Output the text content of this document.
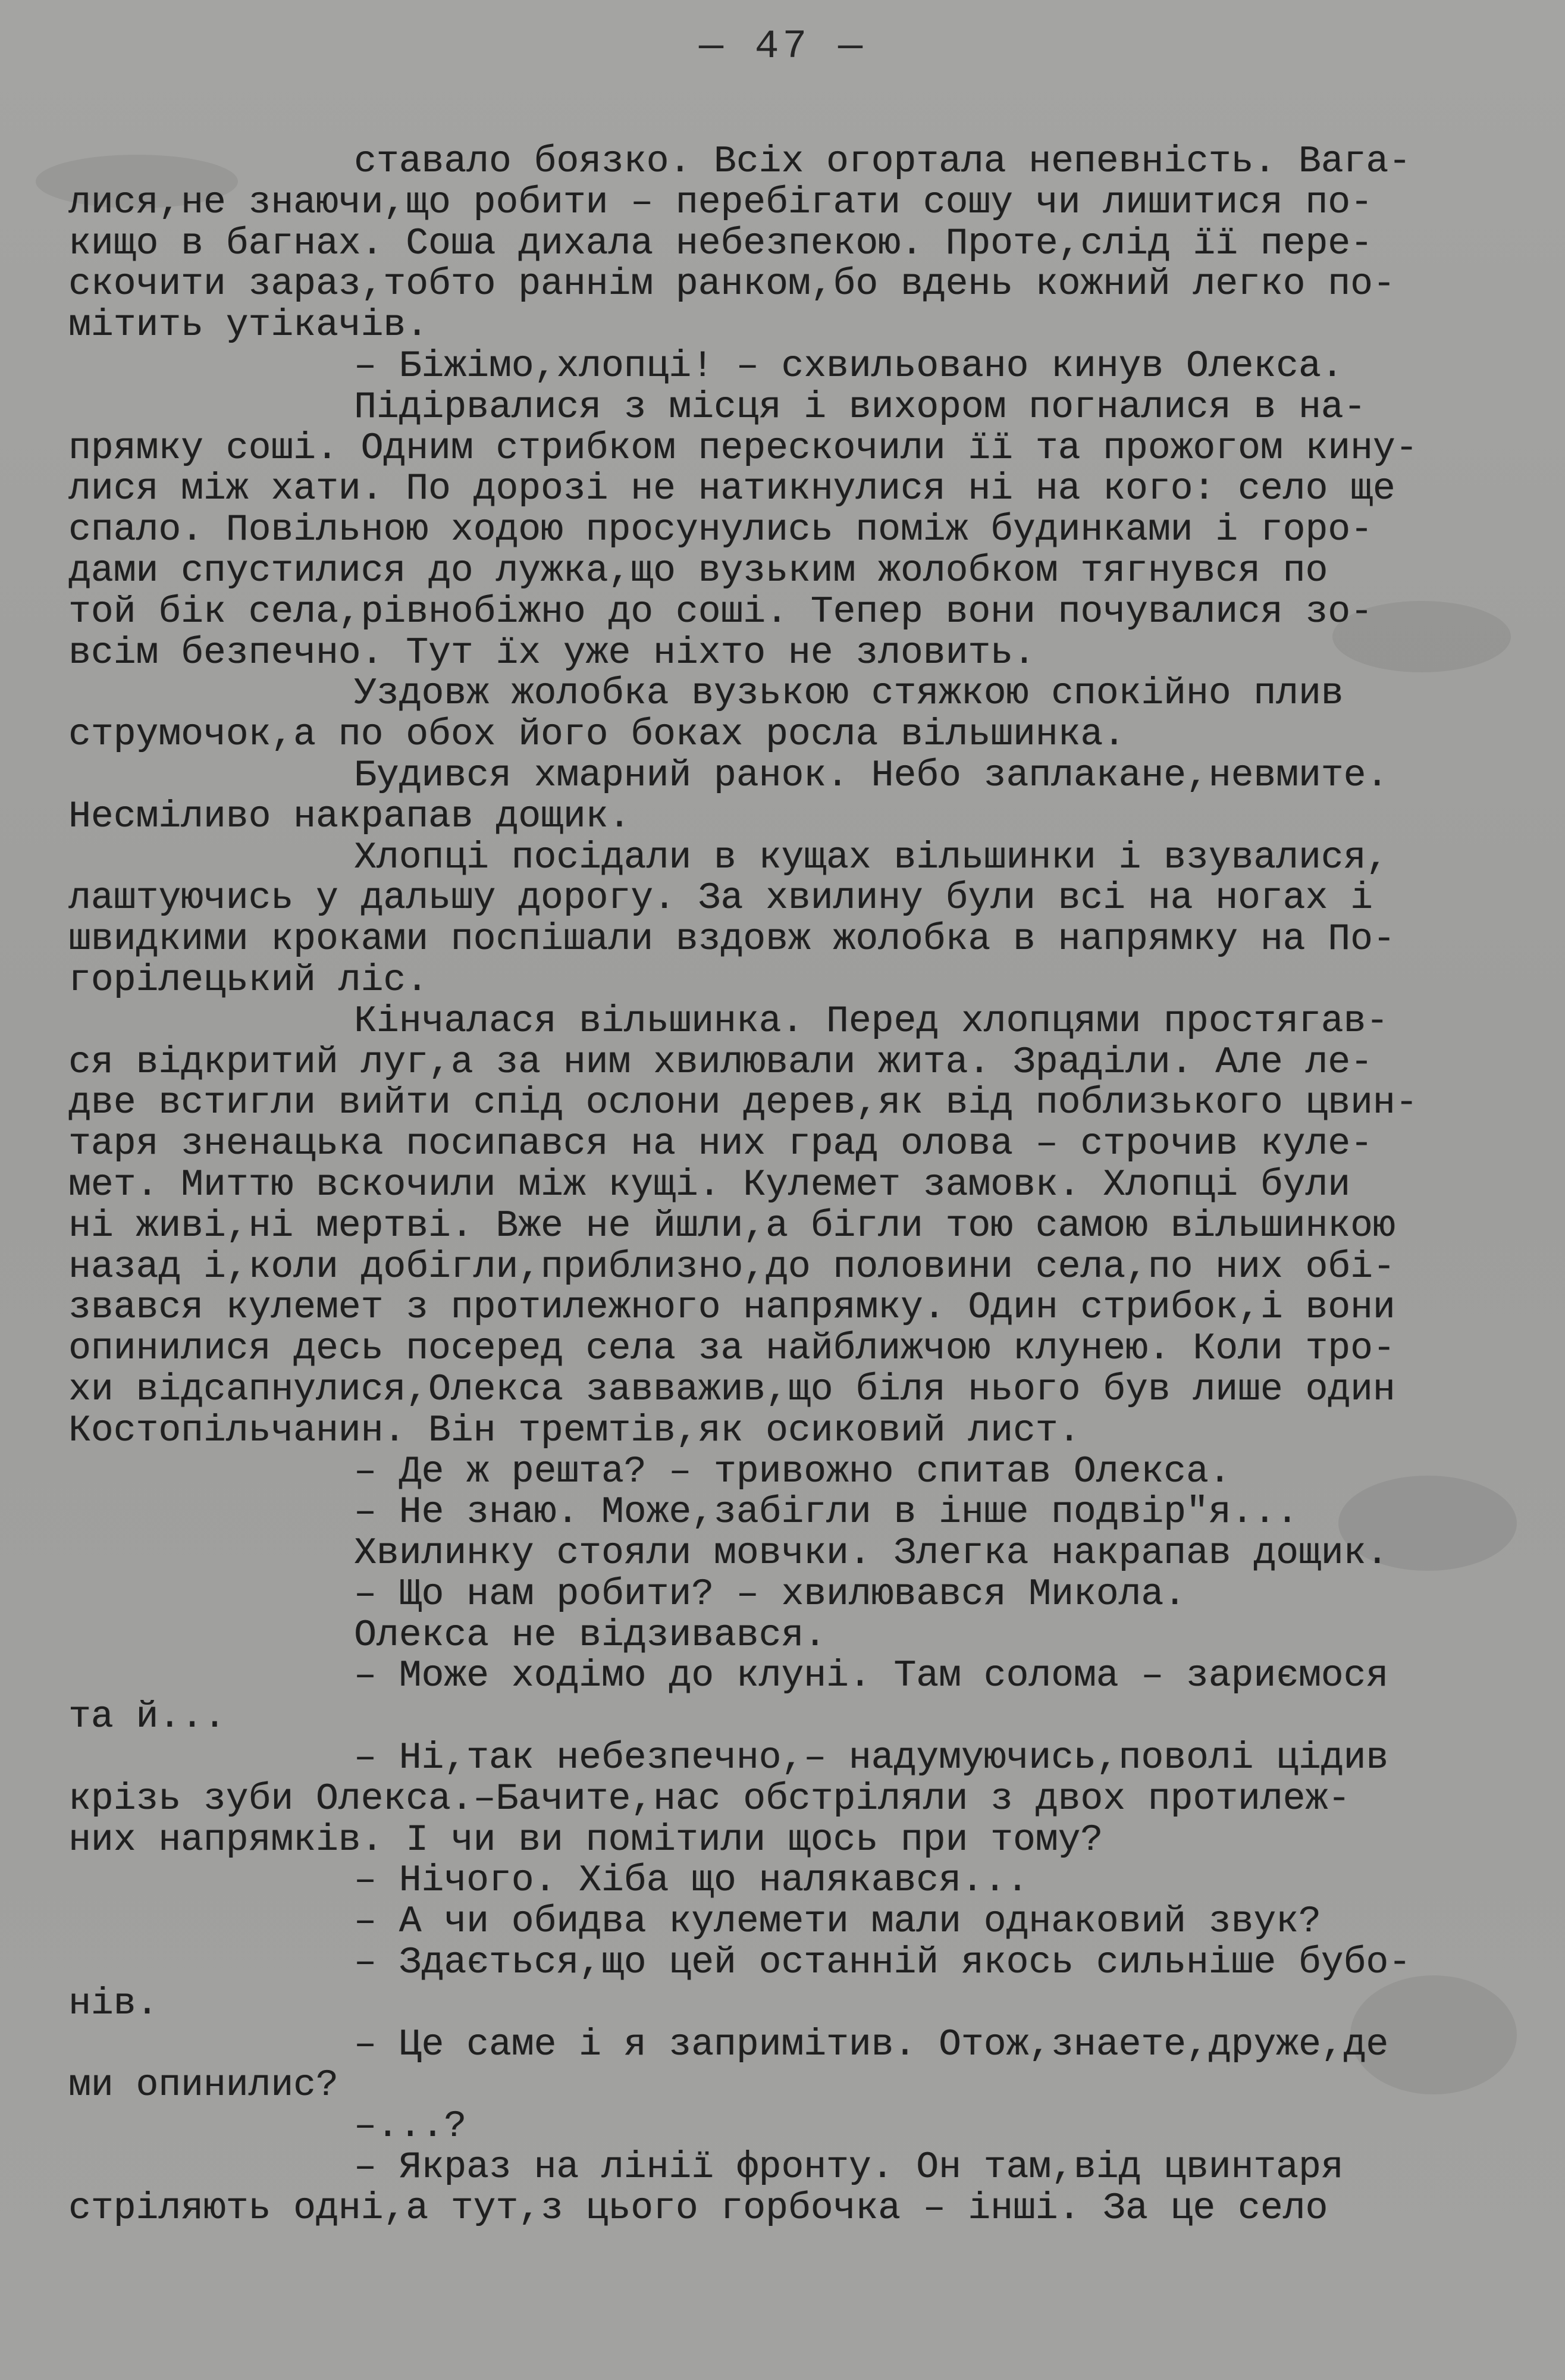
— 47 —
ставало боязко. Всіх огортала непевність. Вага-
лися,не знаючи,що робити – перебігати сошу чи лишитися по-
кищо в багнах. Соша дихала небезпекою. Проте,слід її пере-
скочити зараз,тобто раннім ранком,бо вдень кожний легко по-
мітить утікачів.
– Біжімо,хлопці! – схвильовано кинув Олекса.
Підірвалися з місця і вихором погналися в на-
прямку соші. Одним стрибком перескочили її та прожогом кину-
лися між хати. По дорозі не натикнулися ні на кого: село ще
спало. Повільною ходою просунулись поміж будинками і горо-
дами спустилися до лужка,що вузьким жолобком тягнувся по
той бік села,рівнобіжно до соші. Тепер вони почувалися зо-
всім безпечно. Тут їх уже ніхто не зловить.
Уздовж жолобка вузькою стяжкою спокійно плив
струмочок,а по обох його боках росла вільшинка.
Будився хмарний ранок. Небо заплакане,невмите.
Несміливо накрапав дощик.
Хлопці посідали в кущах вільшинки і взувалися,
лаштуючись у дальшу дорогу. За хвилину були всі на ногах і
швидкими кроками поспішали вздовж жолобка в напрямку на По-
горілецький ліс.
Кінчалася вільшинка. Перед хлопцями простягав-
ся відкритий луг,а за ним хвилювали жита. Зраділи. Але ле-
две встигли вийти спід ослони дерев,як від поблизького цвин-
таря зненацька посипався на них град олова – строчив куле-
мет. Миттю вскочили між кущі. Кулемет замовк. Хлопці були
ні живі,ні мертві. Вже не йшли,а бігли тою самою вільшинкою
назад і,коли добігли,приблизно,до половини села,по них обі-
звався кулемет з протилежного напрямку. Один стрибок,і вони
опинилися десь посеред села за найближчою клунею. Коли тро-
хи відсапнулися,Олекса завважив,що біля нього був лише один
Костопільчанин. Він тремтів,як осиковий лист.
– Де ж решта? – тривожно спитав Олекса.
– Не знаю. Може,забігли в інше подвір"я...
Хвилинку стояли мовчки. Злегка накрапав дощик.
– Що нам робити? – хвилювався Микола.
Олекса не відзивався.
– Може ходімо до клуні. Там солома – зариємося
та й...
– Ні,так небезпечно,– надумуючись,поволі цідив
крізь зуби Олекса.–Бачите,нас обстріляли з двох протилеж-
них напрямків. І чи ви помітили щось при тому?
– Нічого. Хіба що налякався...
– А чи обидва кулемети мали однаковий звук?
– Здається,що цей останній якось сильніше бубо-
нів.
– Це саме і я запримітив. Отож,знаете,друже,де
ми опинилис?
–...?
– Якраз на лінії фронту. Он там,від цвинтаря
стріляють одні,а тут,з цього горбочка – інші. За це село
